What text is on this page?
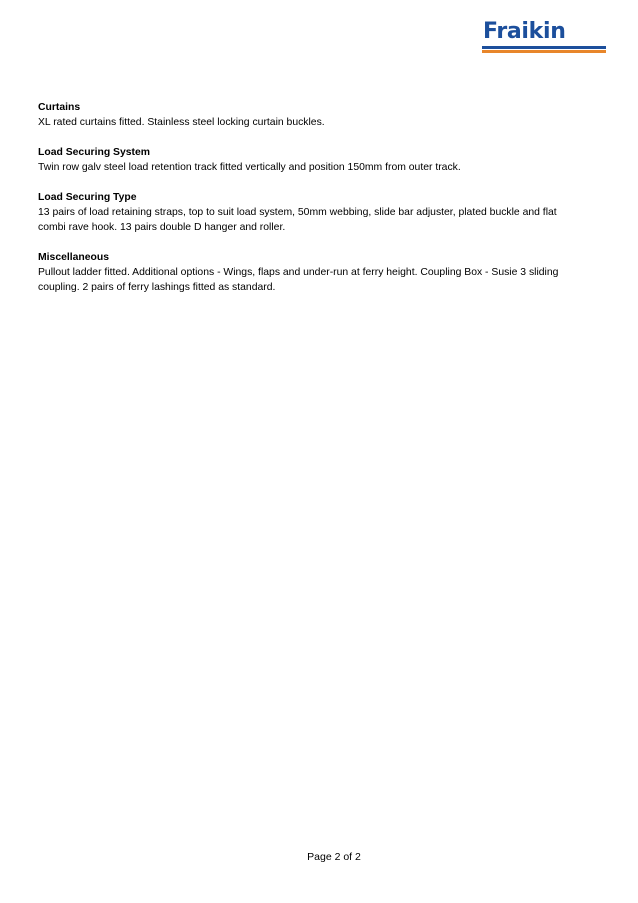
Fraikin
Curtains

XL rated curtains fitted. Stainless steel locking curtain buckles.

Load Securing System

Twin row galv steel load retention track fitted vertically and position 150mm from outer track.

Load Securing Type

13 pairs of load retaining straps, top to suit load system, 50mm webbing, slide bar adjuster, plated buckle and flat combi rave hook. 13 pairs double D hanger and roller.

Miscellaneous

Pullout ladder fitted. Additional options - Wings, flaps and under-run at ferry height. Coupling Box - Susie 3 sliding coupling. 2 pairs of ferry lashings fitted as standard.

Page 2 of 2
